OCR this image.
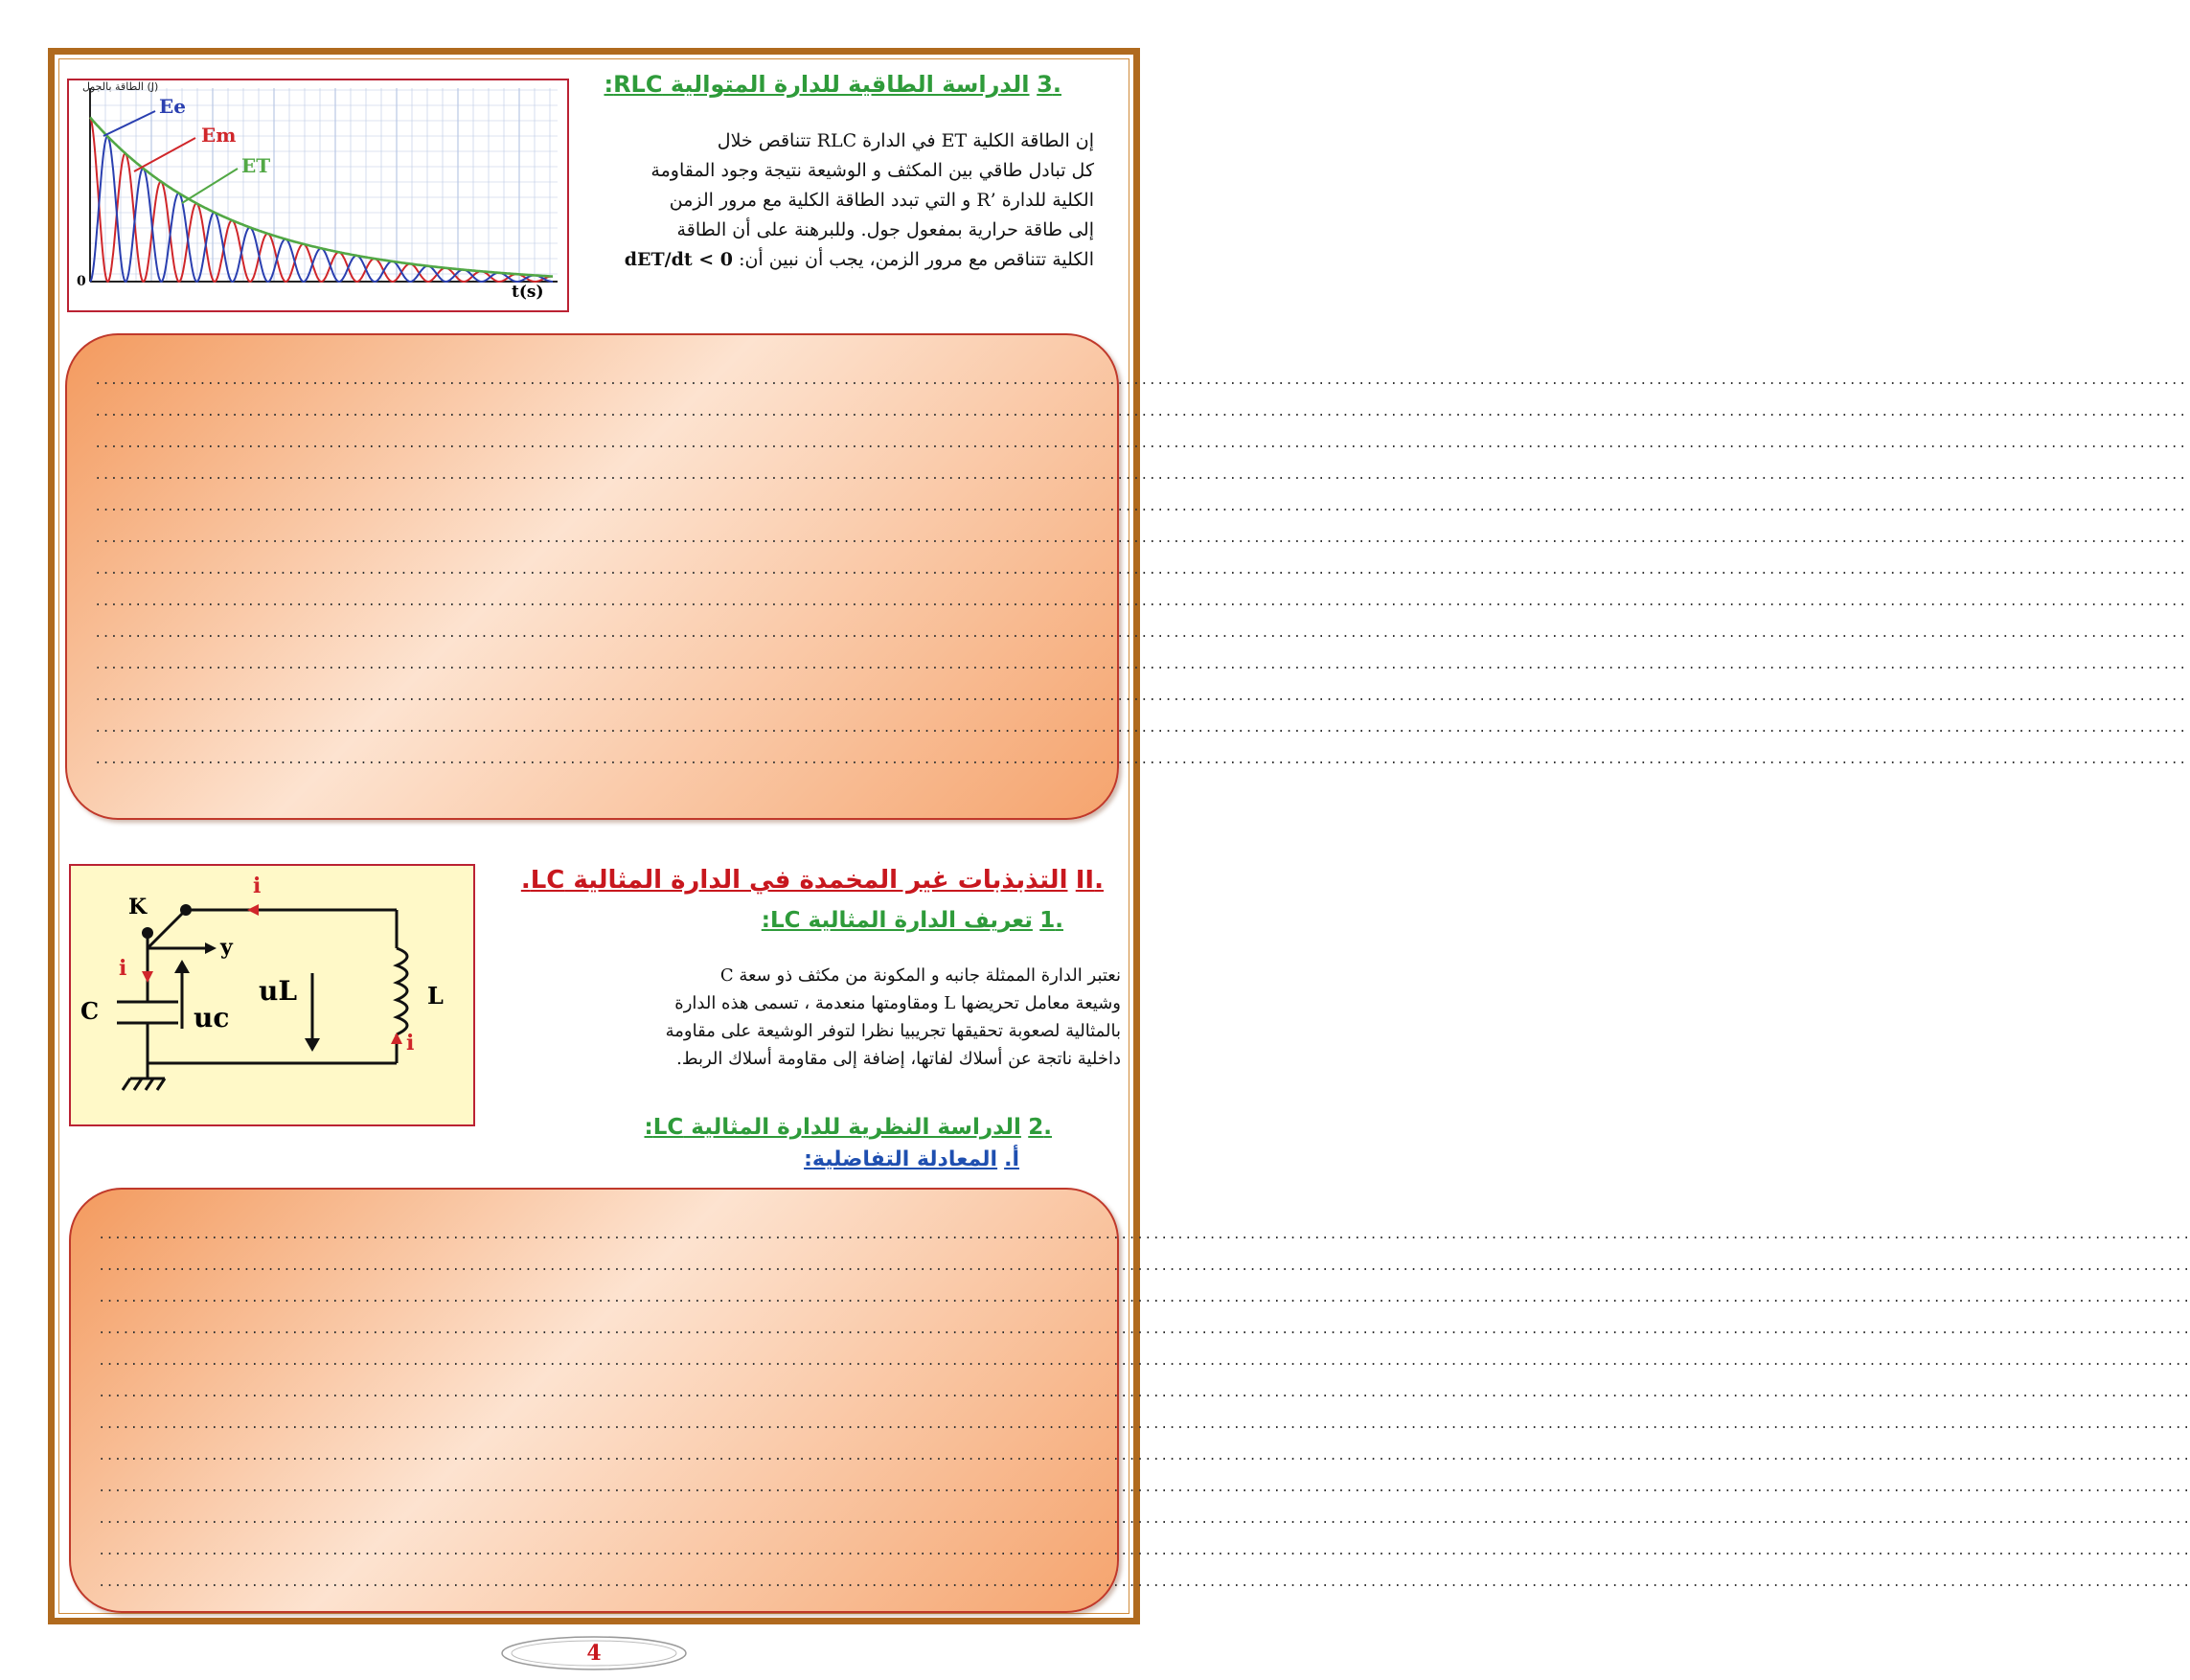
0
t(s)
الطاقة بالجول (J)
Ee
Em
ET
.3 الدراسة الطاقية للدارة المتوالية RLC:
إن الطاقة الكلية ET في الدارة RLC تتناقص خلال
كل تبادل طاقي بين المكثف و الوشيعة نتيجة وجود المقاومة
الكلية للدارة ’R و التي تبدد الطاقة الكلية مع مرور الزمن
إلى طاقة حرارية بمفعول جول. وللبرهنة على أن الطاقة
الكلية تتناقص مع مرور الزمن، يجب أن نبين أن: dET/dt < 0
....................................................................................................................................................................................................................................................................
....................................................................................................................................................................................................................................................................
....................................................................................................................................................................................................................................................................
....................................................................................................................................................................................................................................................................
....................................................................................................................................................................................................................................................................
....................................................................................................................................................................................................................................................................
....................................................................................................................................................................................................................................................................
....................................................................................................................................................................................................................................................................
....................................................................................................................................................................................................................................................................
....................................................................................................................................................................................................................................................................
....................................................................................................................................................................................................................................................................
....................................................................................................................................................................................................................................................................
....................................................................................................................................................................................................................................................................
.II التذبذبات غير المخمدة في الدارة المثالية LC.
.1 تعريف الدارة المثالية LC:
نعتبر الدارة الممثلة جانبه و المكونة من مكثف ذو سعة C
وشيعة معامل تحريضها L ومقاومتها منعدمة ، تسمى هذه الدارة
بالمثالية لصعوبة تحقيقها تجريبيا نظرا لتوفر الوشيعة على مقاومة
داخلية ناتجة عن أسلاك لفاتها، إضافة إلى مقاومة أسلاك الربط.
.2 الدراسة النظرية للدارة المثالية LC:
أ. المعادلة التفاضلية:
i
i
i
K
y
C	uc
uL	L
....................................................................................................................................................................................................................................................................
....................................................................................................................................................................................................................................................................
....................................................................................................................................................................................................................................................................
....................................................................................................................................................................................................................................................................
....................................................................................................................................................................................................................................................................
....................................................................................................................................................................................................................................................................
....................................................................................................................................................................................................................................................................
....................................................................................................................................................................................................................................................................
....................................................................................................................................................................................................................................................................
....................................................................................................................................................................................................................................................................
....................................................................................................................................................................................................................................................................
....................................................................................................................................................................................................................................................................
4
